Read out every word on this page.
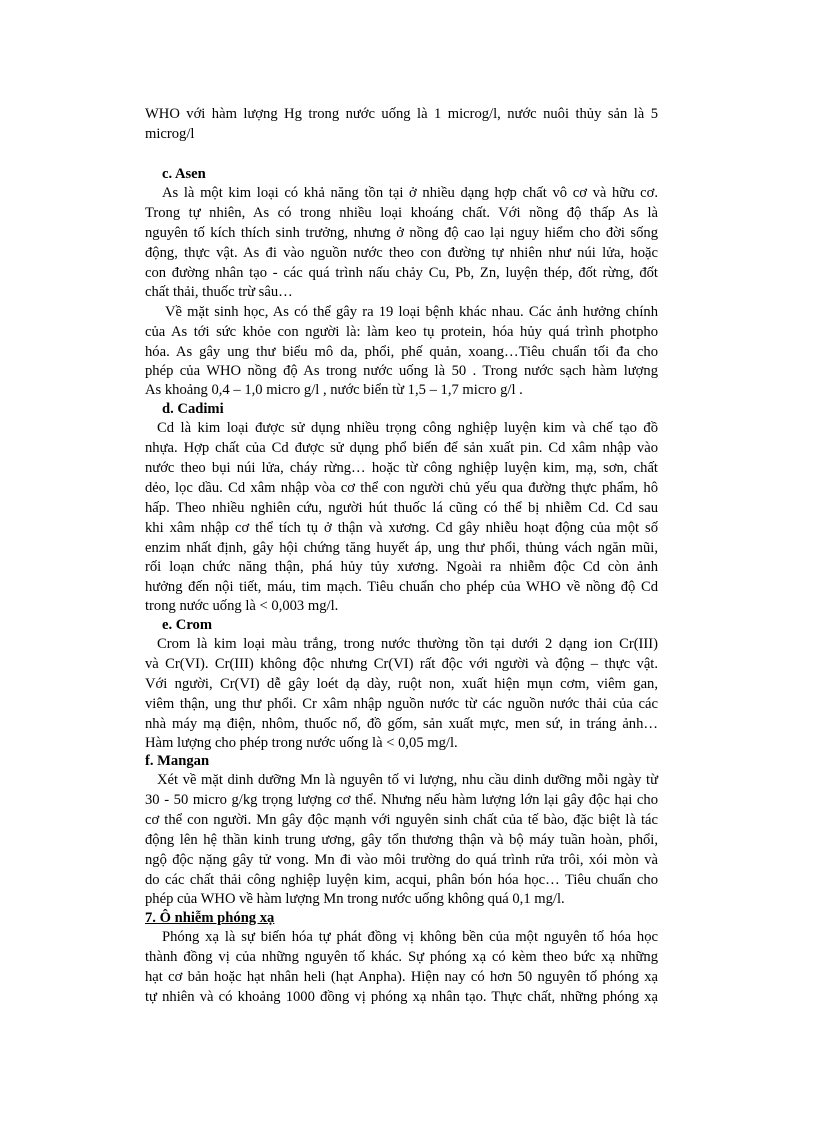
WHO với hàm lượng Hg trong nước uống là 1 microg/l, nước nuôi thủy sản là 5
microg/l
c. Asen
As là một kim loại có khả năng tồn tại ở nhiều dạng hợp chất vô cơ và hữu cơ.
Trong tự nhiên, As có trong nhiều loại khoáng chất. Với nồng độ thấp As là
nguyên tố kích thích sinh trưởng, nhưng ở nồng độ cao lại nguy hiểm cho đời sống
động, thực vật. As đi vào nguồn nước theo con đường tự nhiên như núi lửa, hoặc
con đường nhân tạo - các quá trình nấu chảy Cu, Pb, Zn, luyện thép, đốt rừng, đốt
chất thải, thuốc trừ sâu…
Về mặt sinh học, As có thể gây ra 19 loại bệnh khác nhau. Các ảnh hưởng chính
của As tới sức khỏe con người là: làm keo tụ protein, hóa hủy quá trình photpho
hóa. As gây ung thư biểu mô da, phổi, phế quản, xoang…Tiêu chuẩn tối đa cho
phép của WHO nồng độ As trong nước uống là 50 . Trong nước sạch hàm lượng
As khoảng 0,4 – 1,0 micro g/l , nước biển từ 1,5 – 1,7 micro g/l .
d. Cadimi
Cd là kim loại được sử dụng nhiều trọng công nghiệp luyện kim và chế tạo đồ
nhựa. Hợp chất của Cd được sử dụng phổ biến để sản xuất pin. Cd xâm nhập vào
nước theo bụi núi lửa, cháy rừng… hoặc từ công nghiệp luyện kim, mạ, sơn, chất
dẻo, lọc dầu. Cd xâm nhập vòa cơ thể con người chủ yếu qua đường thực phẩm, hô
hấp. Theo nhiều nghiên cứu, người hút thuốc lá cũng có thể bị nhiễm Cd. Cd sau
khi xâm nhập cơ thể tích tụ ở thận và xương. Cd gây nhiễu hoạt động của một số
enzim nhất định, gây hội chứng tăng huyết áp, ung thư phổi, thủng vách ngăn mũi,
rối loạn chức năng thận, phá hủy tủy xương. Ngoài ra nhiễm độc Cd còn ảnh
hưởng đến nội tiết, máu, tim mạch. Tiêu chuẩn cho phép của WHO về nồng độ Cd
trong nước uống là < 0,003 mg/l.
e. Crom
Crom là kim loại màu trắng, trong nước thường tồn tại dưới 2 dạng ion Cr(III)
và Cr(VI). Cr(III) không độc nhưng Cr(VI) rất độc với người và động – thực vật.
Với người, Cr(VI) dễ gây loét dạ dày, ruột non, xuất hiện mụn cơm, viêm gan,
viêm thận, ung thư phổi. Cr xâm nhập nguồn nước từ các nguồn nước thải của các
nhà máy mạ điện, nhôm, thuốc nổ, đồ gốm, sản xuất mực, men sứ, in tráng ảnh…
Hàm lượng cho phép trong nước uống là < 0,05 mg/l.
f. Mangan
Xét về mặt dinh dưỡng Mn là nguyên tố vi lượng, nhu cầu dinh dưỡng mỗi ngày từ
30 - 50 micro g/kg trọng lượng cơ thể. Nhưng nếu hàm lượng lớn lại gây độc hại cho
cơ thể con người. Mn gây độc mạnh với nguyên sinh chất của tế bào, đặc biệt là tác
động lên hệ thần kinh trung ương, gây tổn thương thận và bộ máy tuần hoàn, phổi,
ngộ độc nặng gây tử vong. Mn đi vào môi trường do quá trình rửa trôi, xói mòn và
do các chất thải công nghiệp luyện kim, acqui, phân bón hóa học… Tiêu chuẩn cho
phép của WHO về hàm lượng Mn trong nước uống không quá 0,1 mg/l.
7. Ô nhiễm phóng xạ
Phóng xạ là sự biến hóa tự phát đồng vị không bền của một nguyên tố hóa học
thành đồng vị của những nguyên tố khác. Sự phóng xạ có kèm theo bức xạ những
hạt cơ bản hoặc hạt nhân heli (hạt Anpha). Hiện nay có hơn 50 nguyên tố phóng xạ
tự nhiên và có khoảng 1000 đồng vị phóng xạ nhân tạo. Thực chất, những phóng xạ
